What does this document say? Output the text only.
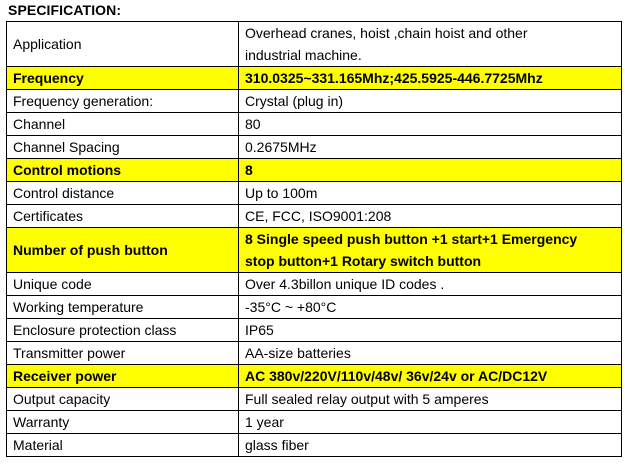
SPECIFICATION:
Application	Overhead cranes, hoist ,chain hoist and other
industrial machine.

Frequency	310.0325~331.165Mhz;425.5925-446.7725Mhz

Frequency generation:	Crystal (plug in)

Channel	80

Channel Spacing	0.2675MHz

Control motions	8

Control distance	Up to 100m

Certificates	CE, FCC, ISO9001:208

Number of push button	8 Single speed push button +1 start+1 Emergency
stop button+1 Rotary switch button

Unique code	Over 4.3billon unique ID codes .

Working temperature	-35°C ~ +80°C

Enclosure protection class	IP65

Transmitter power	AA-size batteries

Receiver power	AC 380v/220V/110v/48v/ 36v/24v or AC/DC12V

Output capacity	Full sealed relay output with 5 amperes

Warranty	1 year

Material	glass fiber
